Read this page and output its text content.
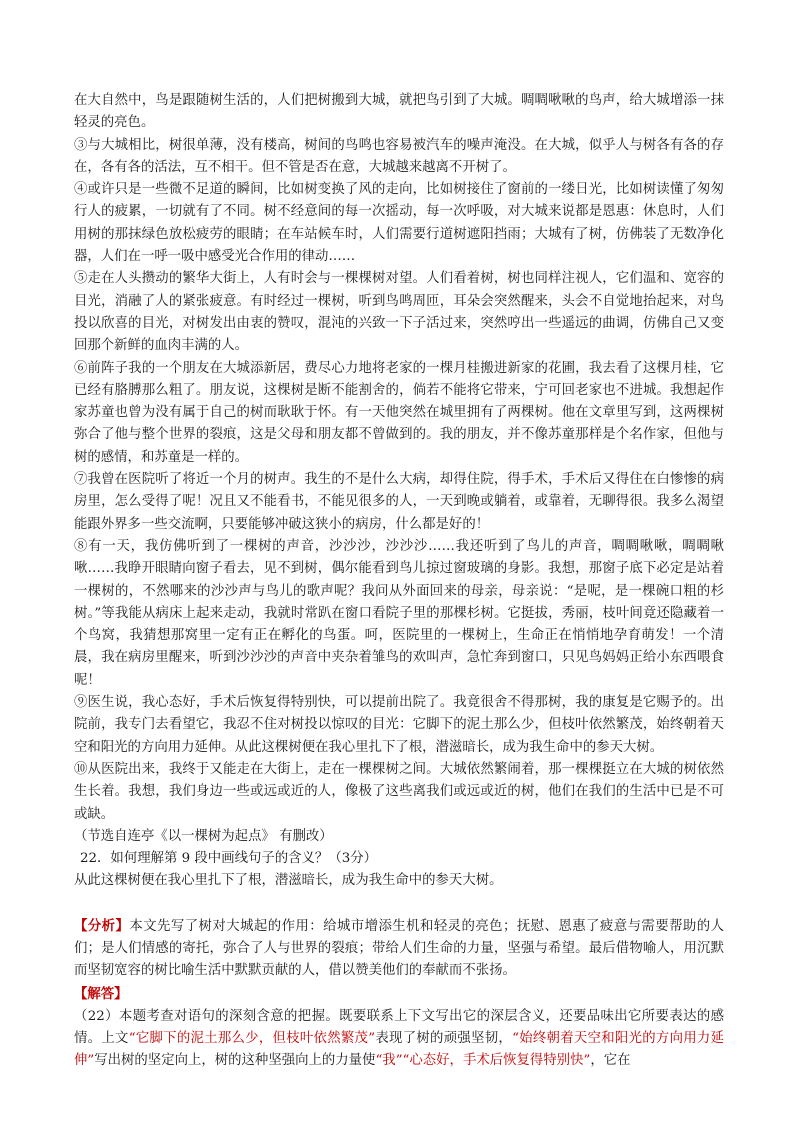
在大自然中，鸟是跟随树生活的，人们把树搬到大城，就把鸟引到了大城。啁啁啾啾的鸟声，给大城增添一抹轻灵的亮色。

③与大城相比，树很单薄，没有楼高，树间的鸟鸣也容易被汽车的噪声淹没。在大城，似乎人与树各有各的存在，各有各的活法，互不相干。但不管是否在意，大城越来越离不开树了。

④或许只是一些微不足道的瞬间，比如树变换了风的走向，比如树接住了窗前的一缕日光，比如树读懂了匆匆行人的疲累，一切就有了不同。树不经意间的每一次摇动，每一次呼吸，对大城来说都是恩惠：休息时，人们用树的那抹绿色放松疲劳的眼睛；在车站候车时，人们需要行道树遮阳挡雨；大城有了树，仿佛装了无数净化器，人们在一呼一吸中感受光合作用的律动……

⑤走在人头攒动的繁华大街上，人有时会与一棵棵树对望。人们看着树，树也同样注视人，它们温和、宽容的目光，消融了人的紧张疲意。有时经过一棵树，听到鸟鸣周匝，耳朵会突然醒来，头会不自觉地抬起来，对鸟投以欣喜的目光，对树发出由衷的赞叹，混沌的兴致一下子活过来，突然哼出一些遥远的曲调，仿佛自己又变回那个新鲜的血肉丰满的人。

⑥前阵子我的一个朋友在大城添新居，费尽心力地将老家的一棵月桂搬进新家的花圃，我去看了这棵月桂，它已经有胳膊那么粗了。朋友说，这棵树是断不能割舍的，倘若不能将它带来，宁可回老家也不进城。我想起作家苏童也曾为没有属于自己的树而耿耿于怀。有一天他突然在城里拥有了两棵树。他在文章里写到，这两棵树弥合了他与整个世界的裂痕，这是父母和朋友都不曾做到的。我的朋友，并不像苏童那样是个名作家，但他与树的感情，和苏童是一样的。

⑦我曾在医院听了将近一个月的树声。我生的不是什么大病，却得住院，得手术，手术后又得住在白惨惨的病房里，怎么受得了呢！况且又不能看书，不能见很多的人，一天到晚或躺着，或靠着，无聊得很。我多么渴望能跟外界多一些交流啊，只要能够冲破这狭小的病房，什么都是好的！

⑧有一天，我仿佛听到了一棵树的声音，沙沙沙，沙沙沙……我还听到了鸟儿的声音，啁啁啾啾，啁啁啾啾……我睁开眼睛向窗子看去，见不到树，偶尔能看到鸟儿掠过窗玻璃的身影。我想，那窗子底下必定是站着一棵树的，不然哪来的沙沙声与鸟儿的歌声呢？我问从外面回来的母亲，母亲说：“是呢，是一棵碗口粗的杉树。”等我能从病床上起来走动，我就时常趴在窗口看院子里的那棵杉树。它挺拔，秀丽，枝叶间竟还隐藏着一个鸟窝，我猜想那窝里一定有正在孵化的鸟蛋。呵，医院里的一棵树上，生命正在悄悄地孕育萌发！一个清晨，我在病房里醒来，听到沙沙沙的声音中夹杂着雏鸟的欢叫声，急忙奔到窗口，只见鸟妈妈正给小东西喂食呢！

⑨医生说，我心态好，手术后恢复得特别快，可以提前出院了。我竟很舍不得那树，我的康复是它赐予的。出院前，我专门去看望它，我忍不住对树投以惊叹的目光：它脚下的泥土那么少，但枝叶依然繁茂，始终朝着天空和阳光的方向用力延伸。从此这棵树便在我心里扎下了根，潜滋暗长，成为我生命中的参天大树。

⑩从医院出来，我终于又能走在大街上，走在一棵棵树之间。大城依然繁闹着，那一棵棵挺立在大城的树依然生长着。我想，我们身边一些或远或近的人，像极了这些离我们或远或近的树，他们在我们的生活中已是不可或缺。

（节选自连亭《以一棵树为起点》 有删改）

22．如何理解第 9 段中画线句子的含义？（3分）

从此这棵树便在我心里扎下了根，潜滋暗长，成为我生命中的参天大树。

【分析】本文先写了树对大城起的作用：给城市增添生机和轻灵的亮色；抚慰、恩惠了疲意与需要帮助的人们；是人们情感的寄托，弥合了人与世界的裂痕；带给人们生命的力量，坚强与希望。最后借物喻人，用沉默而坚韧宽容的树比喻生活中默默贡献的人，借以赞美他们的奉献而不张扬。

【解答】

（22）本题考查对语句的深刻含意的把握。既要联系上下文写出它的深层含义，还要品味出它所要表达的感情。上文“它脚下的泥土那么少，但枝叶依然繁茂”表现了树的顽强坚韧，“始终朝着天空和阳光的方向用力延伸”写出树的坚定向上，树的这种坚强向上的力量使“我”“心态好，手术后恢复得特别快”，它在
